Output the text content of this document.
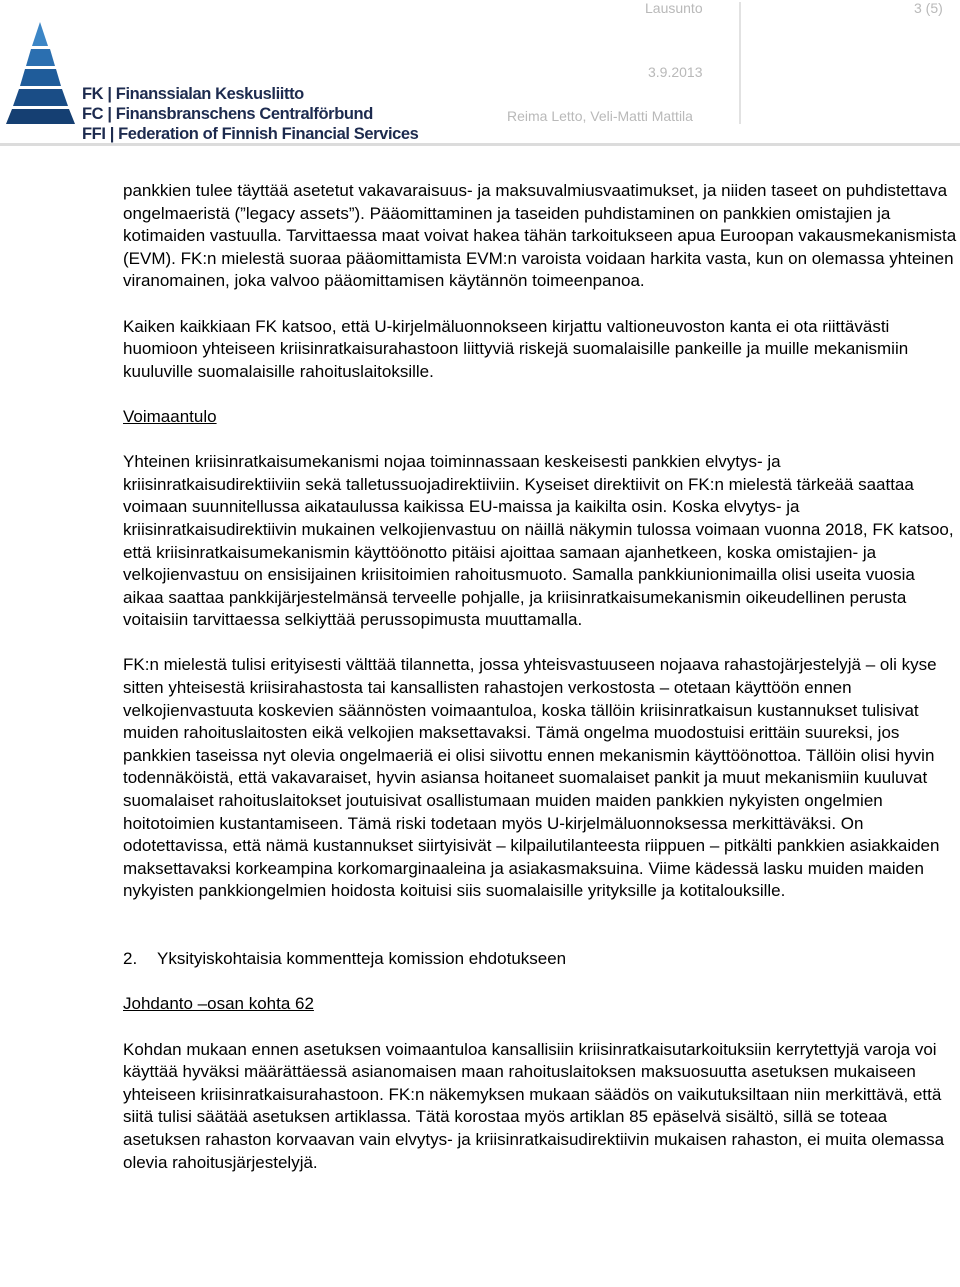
FK | Finanssialan Keskusliitto
FC | Finansbranschens Centralförbund
FFI | Federation of Finnish Financial Services
Lausunto	3 (5)
3.9.2013
Reima Letto, Veli-Matti Mattila

pankkien tulee täyttää asetetut vakavaraisuus- ja maksuvalmiusvaatimukset, ja niiden taseet on puhdistettava ongelmaeristä (”legacy assets”). Pääomittaminen ja taseiden puhdistaminen on pankkien omistajien ja kotimaiden vastuulla. Tarvittaessa maat voivat hakea tähän tarkoitukseen apua Euroopan vakausmekanismista (EVM). FK:n mielestä suoraa pääomittamista EVM:n varoista voidaan harkita vasta, kun on olemassa yhteinen viranomainen, joka valvoo pääomittamisen käytännön toimeenpanoa.

Kaiken kaikkiaan FK katsoo, että U-kirjelmäluonnokseen kirjattu valtioneuvoston kanta ei ota riittävästi huomioon yhteiseen kriisinratkaisurahastoon liittyviä riskejä suomalaisille pankeille ja muille mekanismiin kuuluville suomalaisille rahoituslaitoksille.

Voimaantulo

Yhteinen kriisinratkaisumekanismi nojaa toiminnassaan keskeisesti pankkien elvytys- ja kriisinratkaisudirektiiviin sekä talletussuojadirektiiviin. Kyseiset direktiivit on FK:n mielestä tärkeää saattaa voimaan suunnitellussa aikataulussa kaikissa EU-maissa ja kaikilta osin. Koska elvytys- ja kriisinratkaisudirektiivin mukainen velkojienvastuu on näillä näkymin tulossa voimaan vuonna 2018, FK katsoo, että kriisinratkaisumekanismin käyttöönotto pitäisi ajoittaa samaan ajanhetkeen, koska omistajien- ja velkojienvastuu on ensisijainen kriisitoimien rahoitusmuoto. Samalla pankkiunionimailla olisi useita vuosia aikaa saattaa pankkijärjestelmänsä terveelle pohjalle, ja kriisinratkaisumekanismin oikeudellinen perusta voitaisiin tarvittaessa selkiyttää perussopimusta muuttamalla.

FK:n mielestä tulisi erityisesti välttää tilannetta, jossa yhteisvastuuseen nojaava rahastojärjestelyjä – oli kyse sitten yhteisestä kriisirahastosta tai kansallisten rahastojen verkostosta – otetaan käyttöön ennen velkojienvastuuta koskevien säännösten voimaantuloa, koska tällöin kriisinratkaisun kustannukset tulisivat muiden rahoituslaitosten eikä velkojien maksettavaksi. Tämä ongelma muodostuisi erittäin suureksi, jos pankkien taseissa nyt olevia ongelmaeriä ei olisi siivottu ennen mekanismin käyttöönottoa. Tällöin olisi hyvin todennäköistä, että vakavaraiset, hyvin asiansa hoitaneet suomalaiset pankit ja muut mekanismiin kuuluvat suomalaiset rahoituslaitokset joutuisivat osallistumaan muiden maiden pankkien nykyisten ongelmien hoitotoimien kustantamiseen. Tämä riski todetaan myös U-kirjelmäluonnoksessa merkittäväksi. On odotettavissa, että nämä kustannukset siirtyisivät – kilpailutilanteesta riippuen – pitkälti pankkien asiakkaiden maksettavaksi korkeampina korkomarginaaleina ja asiakasmaksuina. Viime kädessä lasku muiden maiden nykyisten pankkiongelmien hoidosta koituisi siis suomalaisille yrityksille ja kotitalouksille.

2. Yksityiskohtaisia kommentteja komission ehdotukseen

Johdanto –osan kohta 62

Kohdan mukaan ennen asetuksen voimaantuloa kansallisiin kriisinratkaisutarkoituksiin kerrytettyjä varoja voi käyttää hyväksi määrättäessä asianomaisen maan rahoituslaitoksen maksuosuutta asetuksen mukaiseen yhteiseen kriisinratkaisurahastoon. FK:n näkemyksen mukaan säädös on vaikutuksiltaan niin merkittävä, että siitä tulisi säätää asetuksen artiklassa. Tätä korostaa myös artiklan 85 epäselvä sisältö, sillä se toteaa asetuksen rahaston korvaavan vain elvytys- ja kriisinratkaisudirektiivin mukaisen rahaston, ei muita olemassa olevia rahoitusjärjestelyjä.
